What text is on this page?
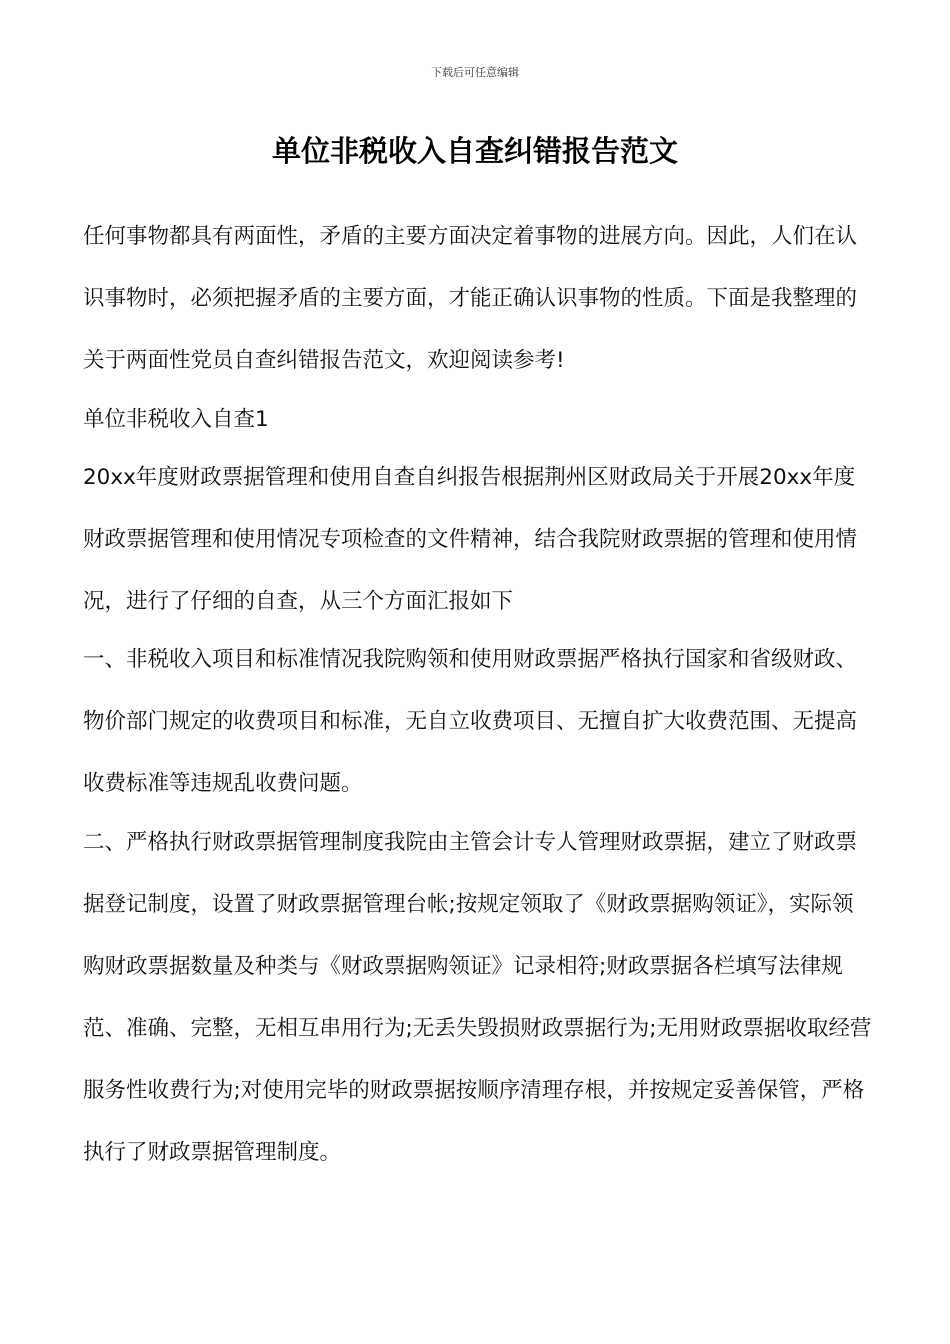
下载后可任意编辑
单位非税收入自查纠错报告范文
任何事物都具有两面性，矛盾的主要方面决定着事物的进展方向。因此，人们在认识事物时，必须把握矛盾的主要方面，才能正确认识事物的性质。下面是我整理的关于两面性党员自查纠错报告范文，欢迎阅读参考!
单位非税收入自查1
20xx年度财政票据管理和使用自查自纠报告根据荆州区财政局关于开展20xx年度财政票据管理和使用情况专项检查的文件精神，结合我院财政票据的管理和使用情况，进行了仔细的自查，从三个方面汇报如下
一、非税收入项目和标准情况我院购领和使用财政票据严格执行国家和省级财政、物价部门规定的收费项目和标准，无自立收费项目、无擅自扩大收费范围、无提高收费标准等违规乱收费问题。
二、严格执行财政票据管理制度我院由主管会计专人管理财政票据，建立了财政票据登记制度，设置了财政票据管理台帐;按规定领取了《财政票据购领证》，实际领购财政票据数量及种类与《财政票据购领证》记录相符;财政票据各栏填写法律规范、准确、完整，无相互串用行为;无丢失毁损财政票据行为;无用财政票据收取经营服务性收费行为;对使用完毕的财政票据按顺序清理存根，并按规定妥善保管，严格执行了财政票据管理制度。
